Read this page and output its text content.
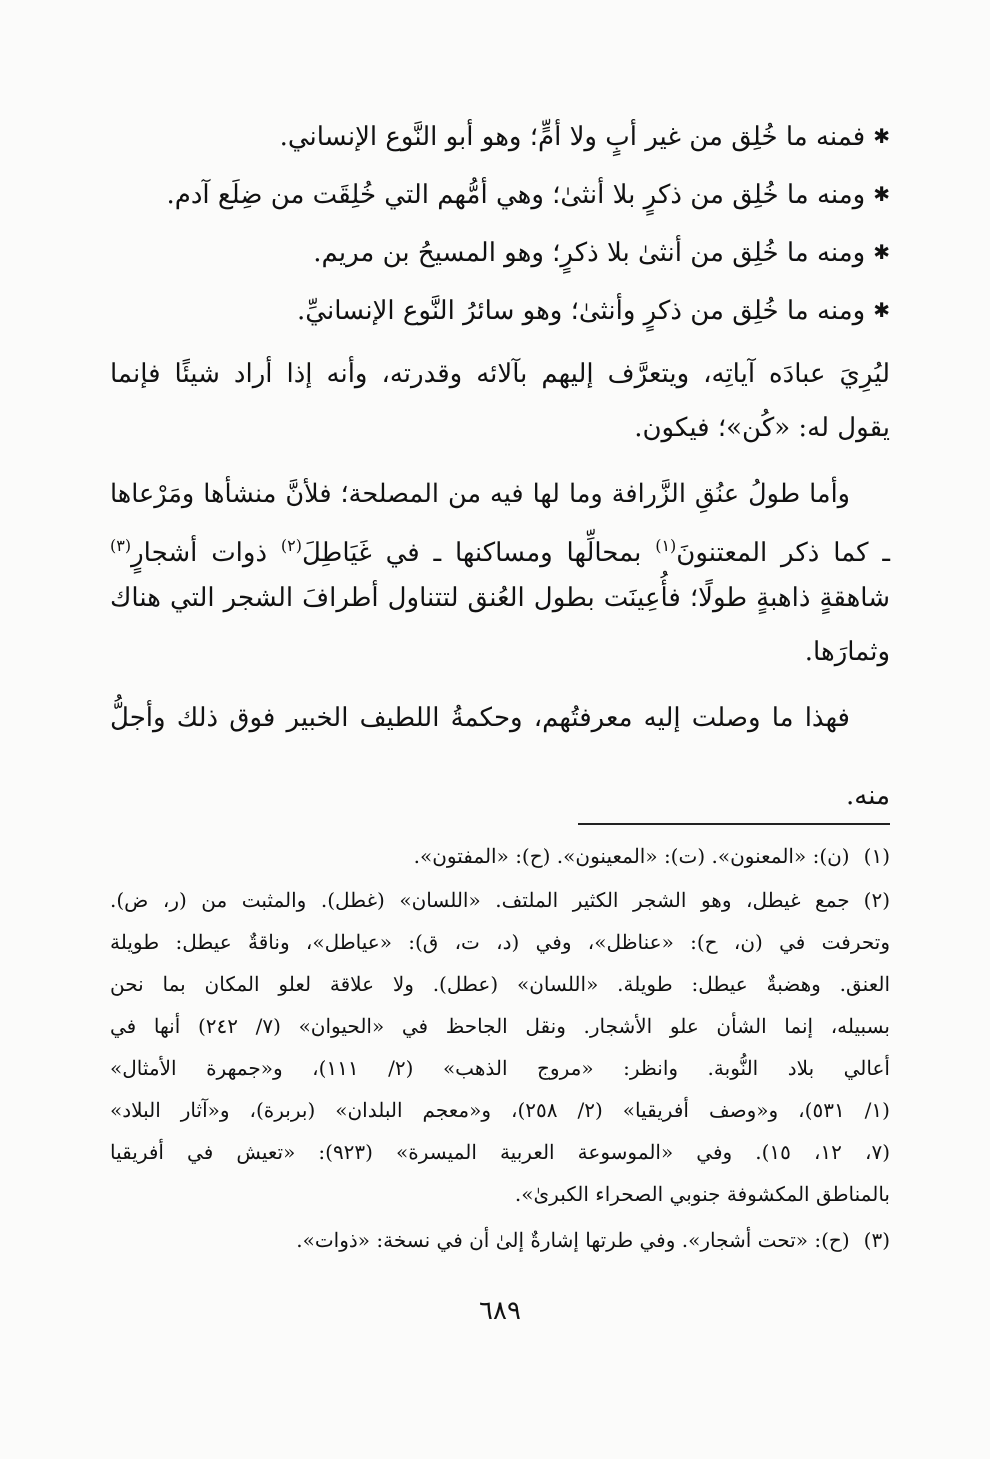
✱فمنه ما خُلِق من غير أبٍ ولا أمٍّ؛ وهو أبو النَّوع الإنساني.
✱ومنه ما خُلِق من ذكرٍ بلا أنثىٰ؛ وهي أمُّهم التي خُلِقَت من ضِلَع آدم.
✱ومنه ما خُلِق من أنثىٰ بلا ذكرٍ؛ وهو المسيحُ بن مريم.
✱ومنه ما خُلِق من ذكرٍ وأنثىٰ؛ وهو سائرُ النَّوع الإنسانيِّ.
ليُرِيَ عبادَه آياتِه، ويتعرَّف إليهم بآلائه وقدرته، وأنه إذا أراد شيئًا فإنما
يقول له: «كُن»؛ فيكون.
وأما طولُ عنُقِ الزَّرافة وما لها فيه من المصلحة؛ فلأنَّ منشأها ومَرْعاها
ـ كما ذكر المعتنونَ$^{(١)}$ بمحالِّها ومساكنها ـ في غَيَاطِلَ$^{(٢)}$ ذوات أشجارٍ$^{(٣)}$
شاهقةٍ ذاهبةٍ طولًا؛ فأُعِينَت بطول العُنق لتتناول أطرافَ الشجر التي هناك
وثمارَها.
فهذا ما وصلت إليه معرفتُهم، وحكمةُ اللطيف الخبير فوق ذلك وأجلُّ
منه.
(١)(ن): «المعنون». (ت): «المعينون». (ح): «المفتون».
(٢)جمع غيطل، وهو الشجر الكثير الملتف. «اللسان» (غطل). والمثبت من (ر، ض).
وتحرفت في (ن، ح): «عناظل»، وفي (د، ت، ق): «عياطل»، وناقةٌ عيطل: طويلة
العنق. وهضبةٌ عيطل: طويلة. «اللسان» (عطل). ولا علاقة لعلو المكان بما نحن
بسبيله، إنما الشأن علو الأشجار. ونقل الجاحظ في «الحيوان» (٧/ ٢٤٢) أنها في
أعالي بلاد النُّوبة. وانظر: «مروج الذهب» (٢/ ١١١)، و«جمهرة الأمثال»
(١/ ٥٣١)، و«وصف أفريقيا» (٢/ ٢٥٨)، و«معجم البلدان» (بربرة)، و«آثار البلاد»
(٧، ١٢، ١٥). وفي «الموسوعة العربية الميسرة» (٩٢٣): «تعيش في أفريقيا
بالمناطق المكشوفة جنوبي الصحراء الكبرىٰ».
(٣)(ح): «تحت أشجار». وفي طرتها إشارةٌ إلىٰ أن في نسخة: «ذوات».
٦٨٩
